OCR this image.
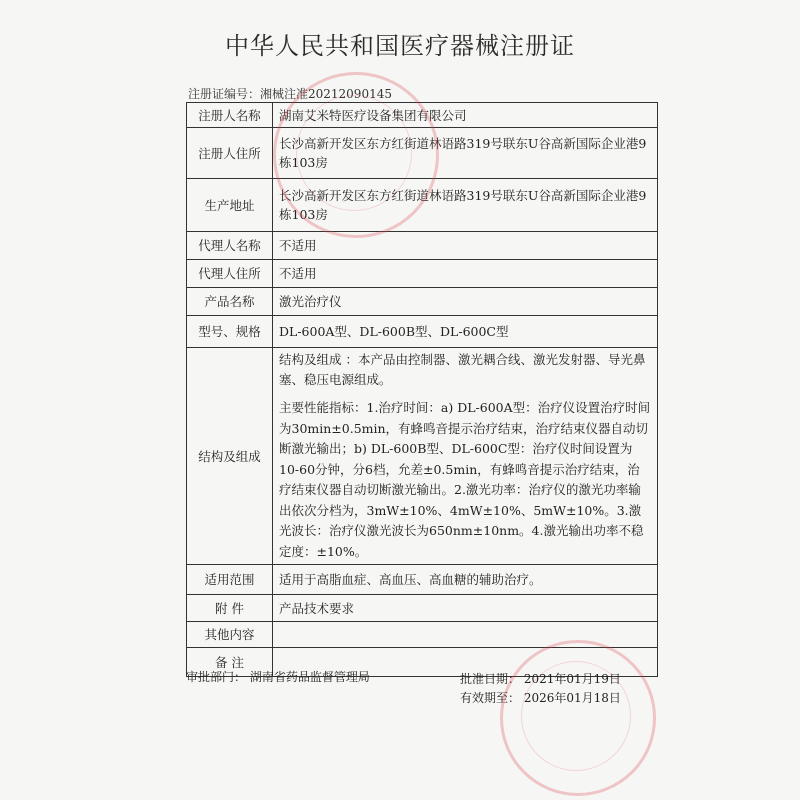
中华人民共和国医疗器械注册证
注册证编号：湘械注准20212090145
注册人名称	湖南艾米特医疗设备集团有限公司
注册人住所	长沙高新开发区东方红街道林语路319号联东U谷高新国际企业港9栋103房
生产地址	长沙高新开发区东方红街道林语路319号联东U谷高新国际企业港9栋103房
代理人名称	不适用
代理人住所	不适用
产品名称	激光治疗仪
型号、规格	DL-600A型、DL-600B型、DL-600C型
结构及组成	结构及组成 ：本产品由控制器、激光耦合线、激光发射器、导光鼻塞、稳压电源组成。

主要性能指标：1.治疗时间：a) DL-600A型：治疗仪设置治疗时间为30min±0.5min，有蜂鸣音提示治疗结束，治疗结束仪器自动切断激光输出；b) DL-600B型、DL-600C型：治疗仪时间设置为10-60分钟，分6档，允差±0.5min，有蜂鸣音提示治疗结束，治疗结束仪器自动切断激光输出。2.激光功率：治疗仪的激光功率输出依次分档为，3mW±10%、4mW±10%、5mW±10%。3.激光波长：治疗仪激光波长为650nm±10nm。4.激光输出功率不稳定度：±10%。

适用范围	适用于高脂血症、高血压、高血糖的辅助治疗。
附 件	产品技术要求
其他内容	
备 注	
审批部门： 湖南省药品监督管理局	批准日期： 2021年01月19日
有效期至： 2026年01月18日
